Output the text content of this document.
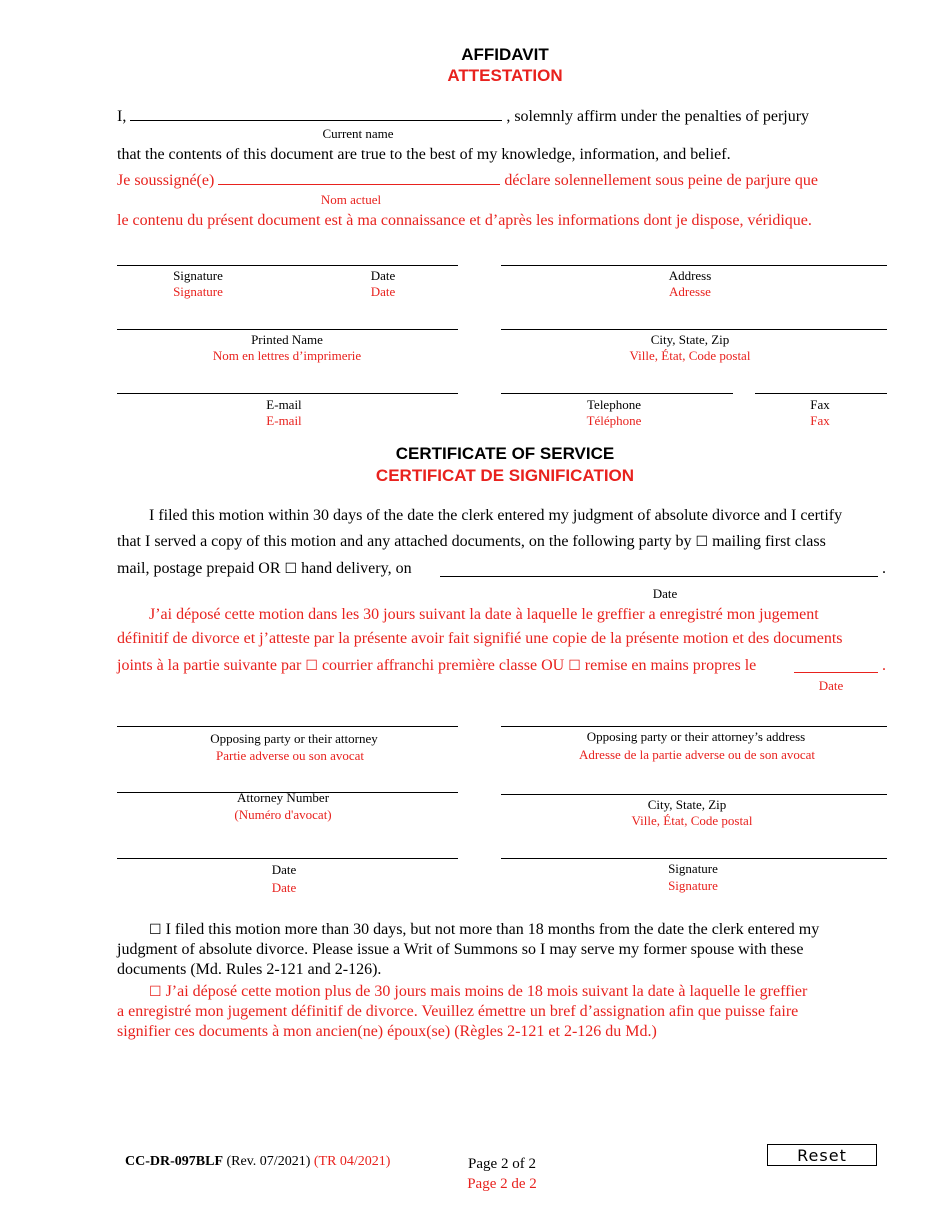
AFFIDAVIT
ATTESTATION
I,	, solemnly affirm under the penalties of perjury
Current name
that the contents of this document are true to the best of my knowledge, information, and belief.
Je soussigné(e)	déclare solennellement sous peine de parjure que
Nom actuel
le contenu du présent document est à ma connaissance et d’après les informations dont je dispose, véridique.
Signature
Signature
Date
Date
Address
Adresse
Printed Name
Nom en lettres d’imprimerie
City, State, Zip
Ville, État, Code postal
E-mail
E-mail
Telephone
Téléphone
Fax
Fax
CERTIFICATE OF SERVICE
CERTIFICAT DE SIGNIFICATION
I filed this motion within 30 days of the date the clerk entered my judgment of absolute divorce and I certify
that I served a copy of this motion and any attached documents, on the following party by ☐ mailing first class
mail, postage prepaid OR ☐ hand delivery, on	.
Date
J’ai déposé cette motion dans les 30 jours suivant la date à laquelle le greffier a enregistré mon jugement
définitif de divorce et j’atteste par la présente avoir fait signifié une copie de la présente motion et des documents
joints à la partie suivante par ☐ courrier affranchi première classe OU ☐ remise en mains propres le	.
Date
Opposing party or their attorney
Partie adverse ou son avocat
Opposing party or their attorney’s address
Adresse de la partie adverse ou de son avocat
Attorney Number
(Numéro d'avocat)
City, State, Zip
Ville, État, Code postal
Date
Date
Signature
Signature
☐ I filed this motion more than 30 days, but not more than 18 months from the date the clerk entered my
judgment of absolute divorce. Please issue a Writ of Summons so I may serve my former spouse with these
documents (Md. Rules 2-121 and 2-126).
☐ J’ai déposé cette motion plus de 30 jours mais moins de 18 mois suivant la date à laquelle le greffier
a enregistré mon jugement définitif de divorce. Veuillez émettre un bref d’assignation afin que puisse faire
signifier ces documents à mon ancien(ne) époux(se) (Règles 2-121 et 2-126 du Md.)
CC-DR-097BLF (Rev. 07/2021) (TR 04/2021)	Page 2 of 2
Page 2 de 2
Reset
